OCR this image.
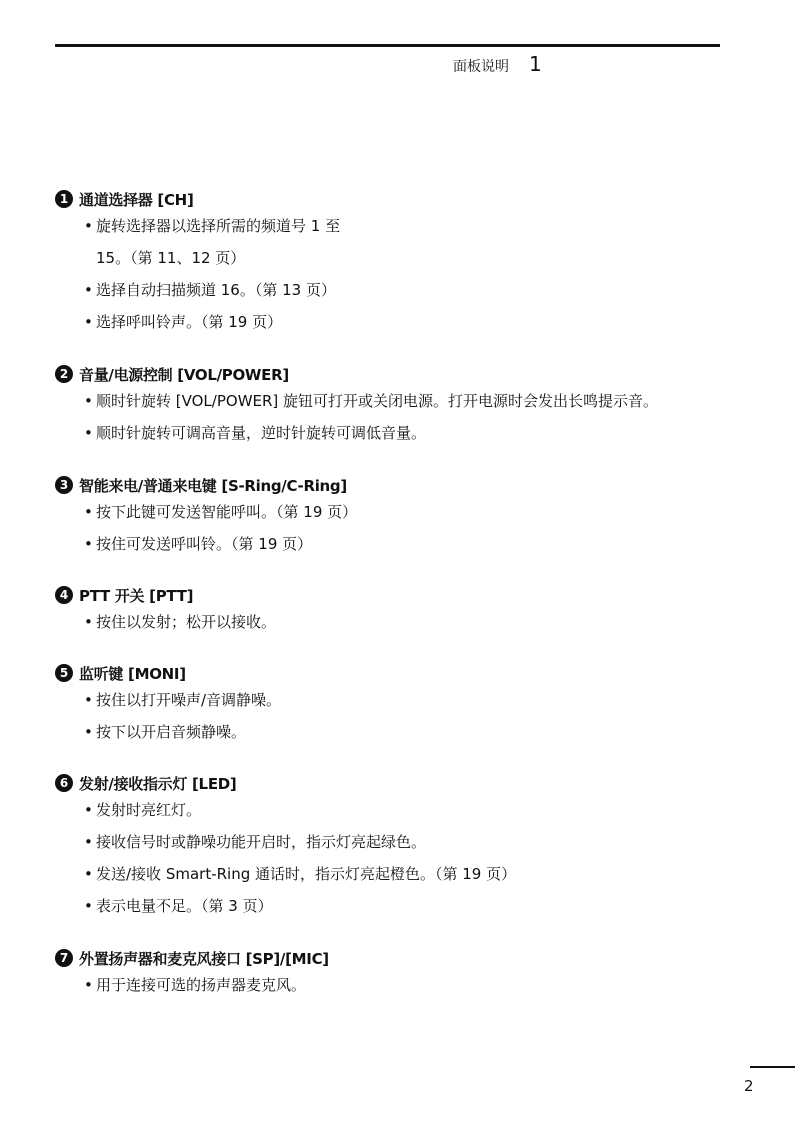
面板说明 1
1 通道选择器 [CH]
• 旋转选择器以选择所需的频道号 1 至
15。（第 11、12 页）
• 选择自动扫描频道 16。（第 13 页）
• 选择呼叫铃声。（第 19 页）
2 音量/电源控制 [VOL/POWER]
• 顺时针旋转 [VOL/POWER] 旋钮可打开或关闭电源。打开电源时会发出长鸣提示音。
• 顺时针旋转可调高音量，逆时针旋转可调低音量。
3 智能来电/普通来电键 [S-Ring/C-Ring]
• 按下此键可发送智能呼叫。（第 19 页）
• 按住可发送呼叫铃。（第 19 页）
4 PTT 开关 [PTT]
• 按住以发射；松开以接收。
5 监听键 [MONI]
• 按住以打开噪声/音调静噪。
• 按下以开启音频静噪。
6 发射/接收指示灯 [LED]
• 发射时亮红灯。
• 接收信号时或静噪功能开启时，指示灯亮起绿色。
• 发送/接收 Smart-Ring 通话时，指示灯亮起橙色。（第 19 页）
• 表示电量不足。（第 3 页）
7 外置扬声器和麦克风接口 [SP]/[MIC]
• 用于连接可选的扬声器麦克风。
2
